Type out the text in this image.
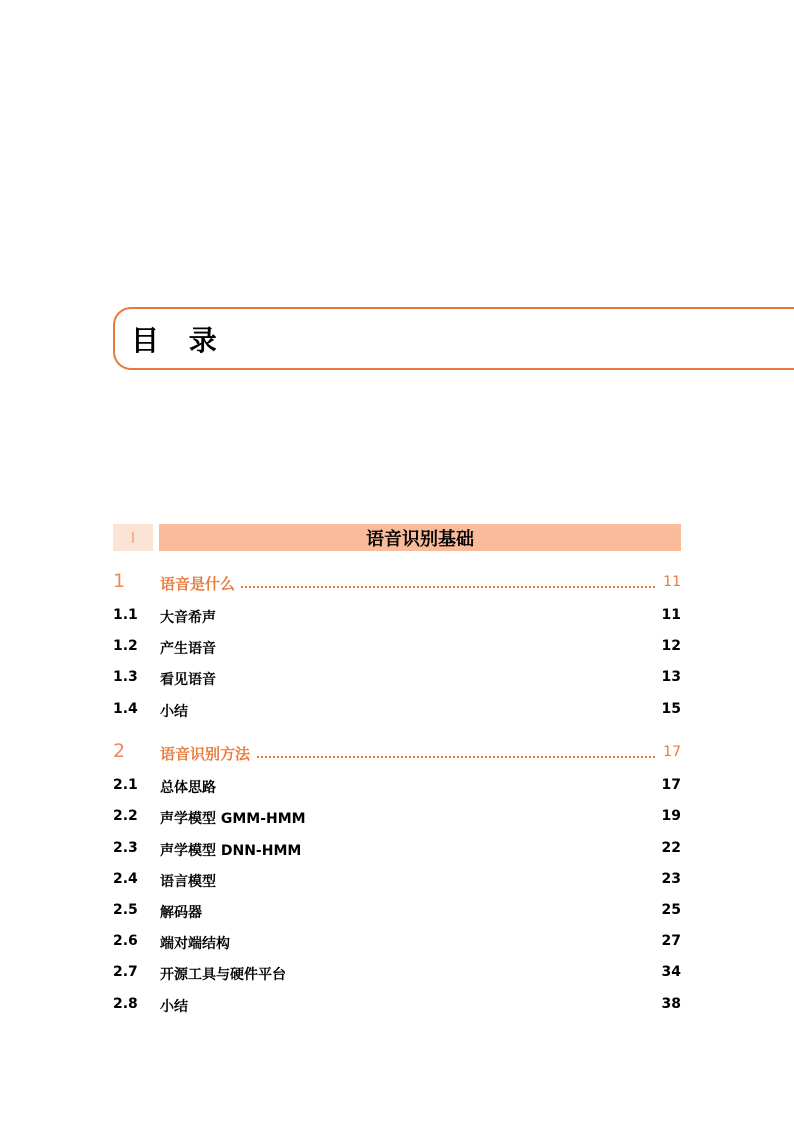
目 录
I	语音识别基础
1 语音是什么	11
1.1 大音希声	11
1.2 产生语音	12
1.3 看见语音	13
1.4 小结	15
2 语音识别方法	17
2.1 总体思路	17
2.2 声学模型 GMM-HMM	19
2.3 声学模型 DNN-HMM	22
2.4 语言模型	23
2.5 解码器	25
2.6 端对端结构	27
2.7 开源工具与硬件平台	34
2.8 小结	38
